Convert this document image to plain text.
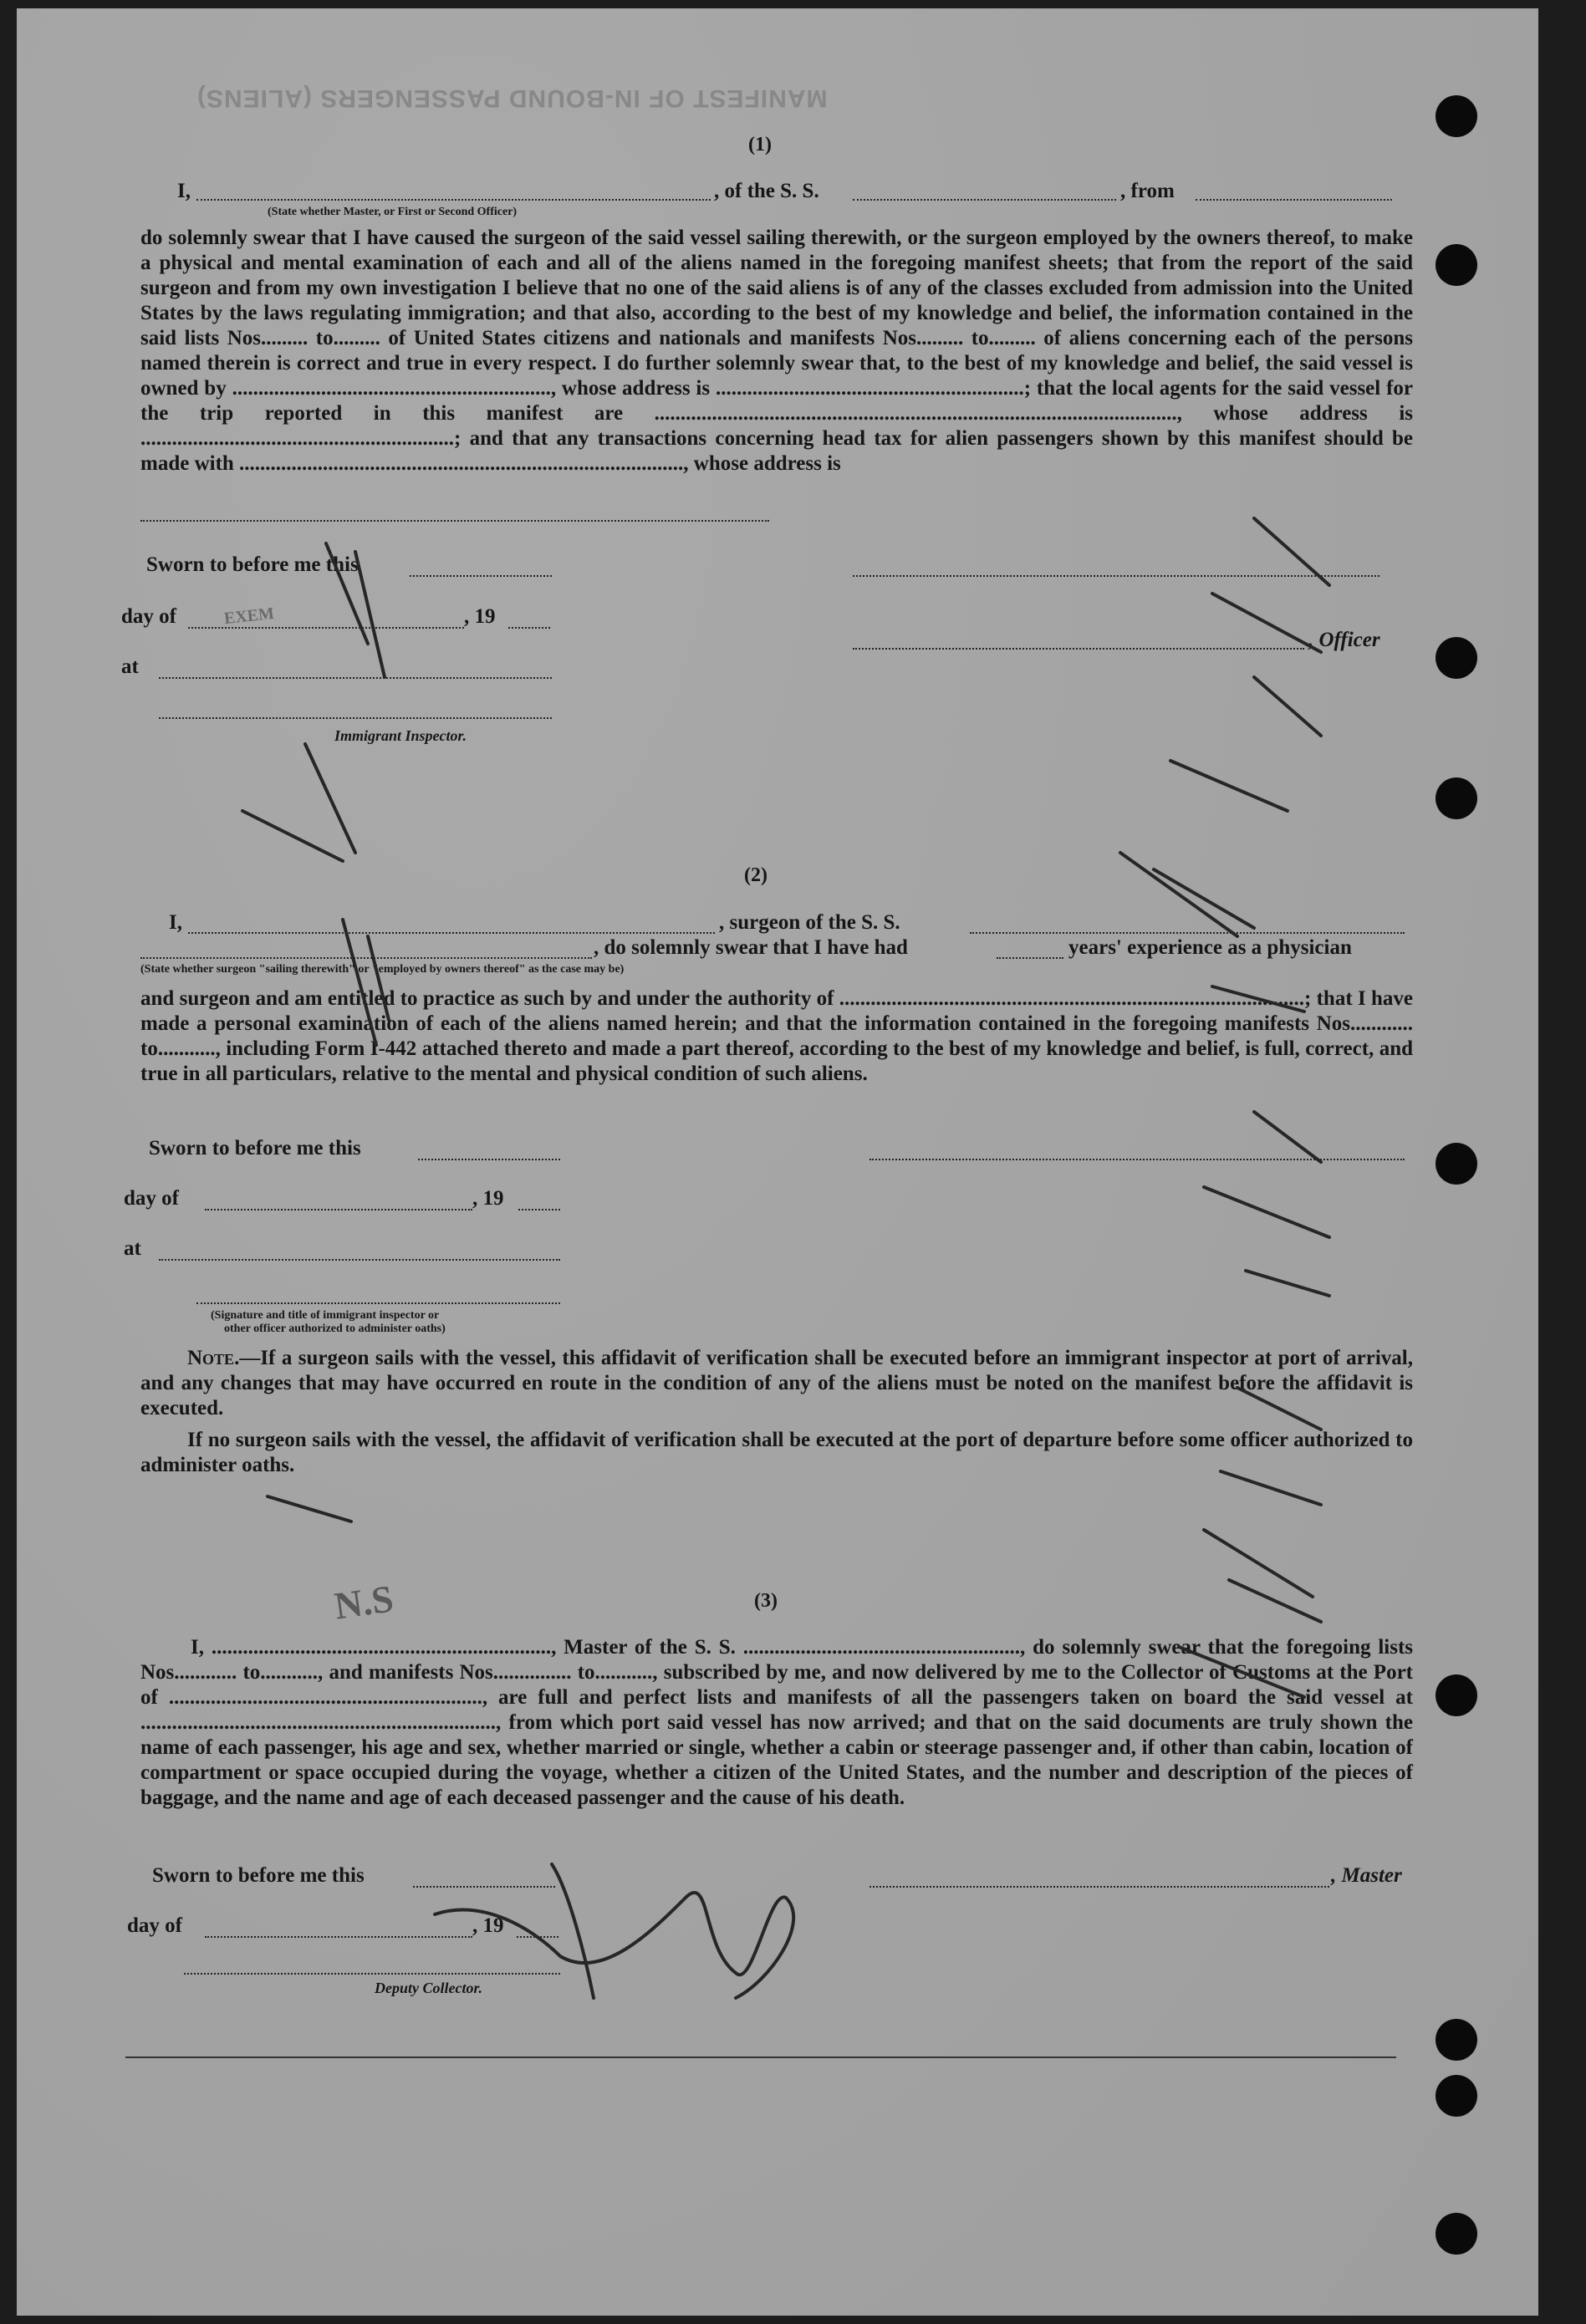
MANIFEST OF IN-BOUND PASSENGERS (ALIENS)
(1)
I,	, of the S. S.	, from
(State whether Master, or First or Second Officer)

do solemnly swear that I have caused the surgeon of the said vessel sailing therewith, or the surgeon employed by the owners thereof, to make a physical and mental examination of each and all of the aliens named in the foregoing manifest sheets; that from the report of the said surgeon and from my own investigation I believe that no one of the said aliens is of any of the classes excluded from admission into the United States by the laws regulating immigration; and that also, according to the best of my knowledge and belief, the information contained in the said lists Nos......... to......... of United States citizens and nationals and manifests Nos......... to......... of aliens concerning each of the persons named therein is correct and true in every respect. I do further solemnly swear that, to the best of my knowledge and belief, the said vessel is owned by ............................................................., whose address is ...........................................................; that the local agents for the said vessel for the trip reported in this manifest are ...................................................................................................., whose address is ............................................................; and that any transactions concerning head tax for alien passengers shown by this manifest should be made with ....................................................................................., whose address is

Sworn to before me this
day of	, 19
, Officer
at
Immigrant Inspector.
EXEM
(2)
I,	, surgeon of the S. S.
, do solemnly swear that I have had	years' experience as a physician
(State whether surgeon "sailing therewith" or "employed by owners thereof" as the case may be)

and surgeon and am entitled to practice as such by and under the authority of .........................................................................................; that I have made a personal examination of each of the aliens named herein; and that the information contained in the foregoing manifests Nos............ to..........., including Form I-442 attached thereto and made a part thereof, according to the best of my knowledge and belief, is full, correct, and true in all particulars, relative to the mental and physical condition of such aliens.

Sworn to before me this
day of	, 19
at
(Signature and title of immigrant inspector or
other officer authorized to administer oaths)

Note.—If a surgeon sails with the vessel, this affidavit of verification shall be executed before an immigrant inspector at port of arrival, and any changes that may have occurred en route in the condition of any of the aliens must be noted on the manifest before the affidavit is executed.

If no surgeon sails with the vessel, the affidavit of verification shall be executed at the port of departure before some officer authorized to administer oaths.

N.S	(3)

I, ................................................................., Master of the S. S. ....................................................., do solemnly swear that the foregoing lists Nos............ to..........., and manifests Nos............... to..........., subscribed by me, and now delivered by me to the Collector of Customs at the Port of ............................................................, are full and perfect lists and manifests of all the passengers taken on board the said vessel at ...................................................................., from which port said vessel has now arrived; and that on the said documents are truly shown the name of each passenger, his age and sex, whether married or single, whether a cabin or steerage passenger and, if other than cabin, location of compartment or space occupied during the voyage, whether a citizen of the United States, and the number and description of the pieces of baggage, and the name and age of each deceased passenger and the cause of his death.

Sworn to before me this	, Master
day of	, 19
Deputy Collector.
